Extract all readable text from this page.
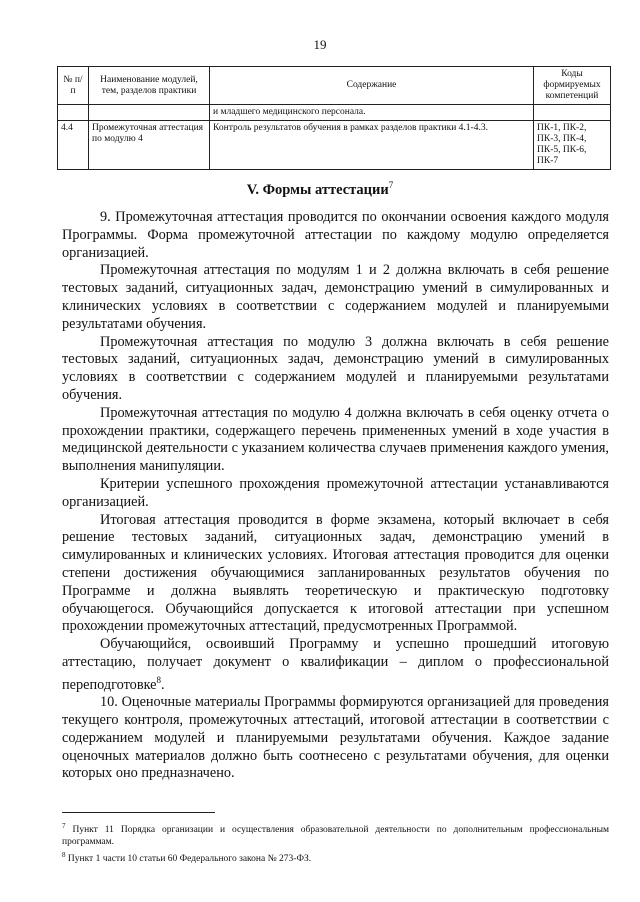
19
№ п/п	Наименование модулей, тем, разделов практики	Содержание	Коды формируемых компетенций
		и младшего медицинского персонала.	
4.4	Промежуточная аттестация по модулю 4	Контроль результатов обучения в рамках разделов практики 4.1-4.3.	ПК-1, ПК-2, ПК-3, ПК-4, ПК-5, ПК-6, ПК-7
V. Формы аттестации$^7$

9. Промежуточная аттестация проводится по окончании освоения каждого модуля Программы. Форма промежуточной аттестации по каждому модулю определяется организацией.

Промежуточная аттестация по модулям 1 и 2 должна включать в себя решение тестовых заданий, ситуационных задач, демонстрацию умений в симулированных и клинических условиях в соответствии с содержанием модулей и планируемыми результатами обучения.

Промежуточная аттестация по модулю 3 должна включать в себя решение тестовых заданий, ситуационных задач, демонстрацию умений в симулированных условиях в соответствии с содержанием модулей и планируемыми результатами обучения.

Промежуточная аттестация по модулю 4 должна включать в себя оценку отчета о прохождении практики, содержащего перечень примененных умений в ходе участия в медицинской деятельности с указанием количества случаев применения каждого умения, выполнения манипуляции.

Критерии успешного прохождения промежуточной аттестации устанавливаются организацией.

Итоговая аттестация проводится в форме экзамена, который включает в себя решение тестовых заданий, ситуационных задач, демонстрацию умений в симулированных и клинических условиях. Итоговая аттестация проводится для оценки степени достижения обучающимися запланированных результатов обучения по Программе и должна выявлять теоретическую и практическую подготовку обучающегося. Обучающийся допускается к итоговой аттестации при успешном прохождении промежуточных аттестаций, предусмотренных Программой.

Обучающийся, освоивший Программу и успешно прошедший итоговую аттестацию, получает документ о квалификации – диплом о профессиональной переподготовке$^8$.

10. Оценочные материалы Программы формируются организацией для проведения текущего контроля, промежуточных аттестаций, итоговой аттестации в соответствии с содержанием модулей и планируемыми результатами обучения. Каждое задание оценочных материалов должно быть соотнесено с результатами обучения, для оценки которых оно предназначено.

$^7$ Пункт 11 Порядка организации и осуществления образовательной деятельности по дополнительным профессиональным программам.

$^8$ Пункт 1 части 10 статьи 60 Федерального закона № 273-ФЗ.
